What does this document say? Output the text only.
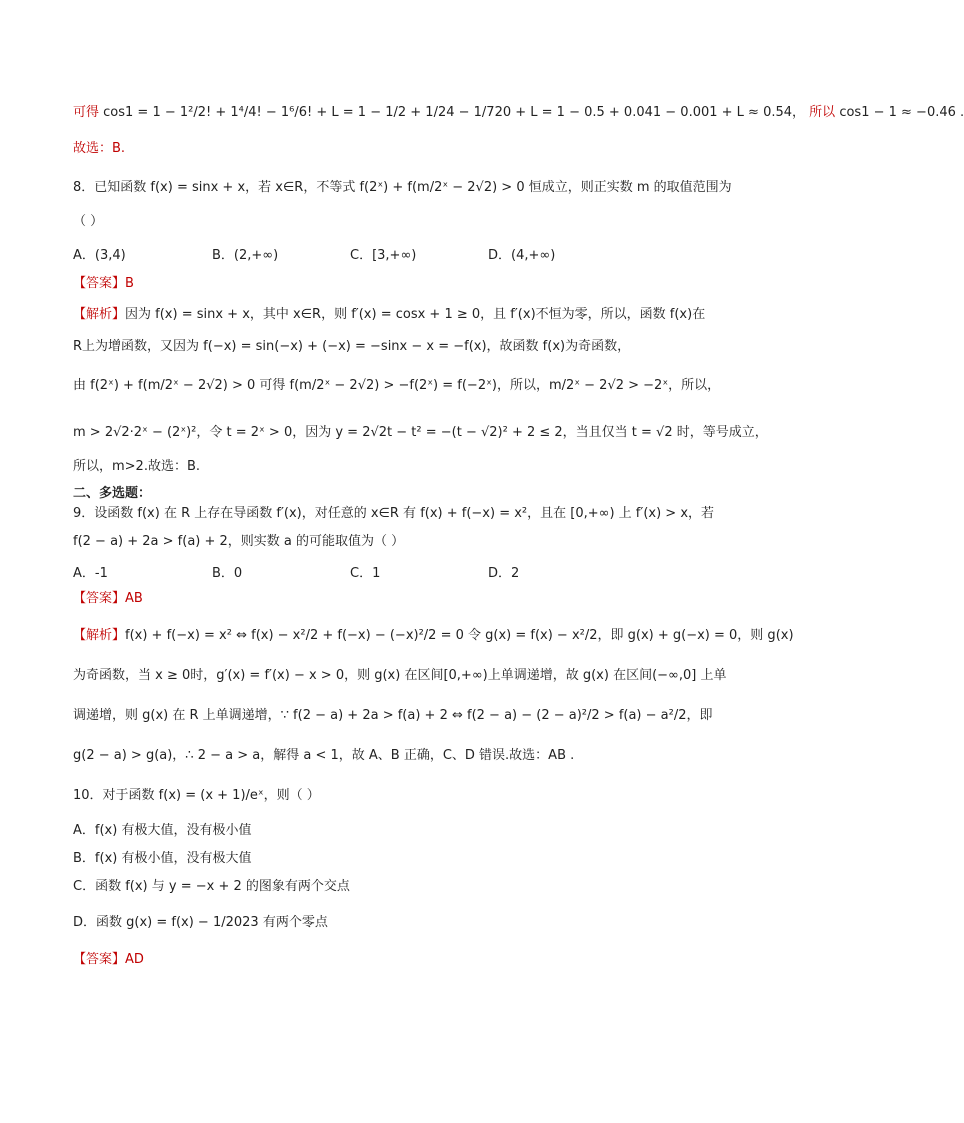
可得 cos1 = 1 − 1²/2! + 1⁴/4! − 1⁶/6! + L = 1 − 1/2 + 1/24 − 1/720 + L = 1 − 0.5 + 0.041 − 0.001 + L ≈ 0.54， 所以 cos1 − 1 ≈ −0.46 .
故选：B.
8．已知函数 f(x) = sinx + x，若 x∈R，不等式 f(2ˣ) + f(m/2ˣ − 2√2) > 0 恒成立，则正实数 m 的取值范围为
（ ）
A．(3,4)	B．(2,+∞)	C．[3,+∞)	D．(4,+∞)
【答案】B
【解析】因为 f(x) = sinx + x，其中 x∈R，则 f′(x) = cosx + 1 ≥ 0，且 f′(x)不恒为零，所以，函数 f(x)在
R上为增函数，又因为 f(−x) = sin(−x) + (−x) = −sinx − x = −f(x)，故函数 f(x)为奇函数，
由 f(2ˣ) + f(m/2ˣ − 2√2) > 0 可得 f(m/2ˣ − 2√2) > −f(2ˣ) = f(−2ˣ)，所以，m/2ˣ − 2√2 > −2ˣ，所以，
m > 2√2·2ˣ − (2ˣ)²，令 t = 2ˣ > 0，因为 y = 2√2t − t² = −(t − √2)² + 2 ≤ 2，当且仅当 t = √2 时，等号成立，
所以，m>2.故选：B.
二、多选题：
9．设函数 f(x) 在 R 上存在导函数 f′(x)，对任意的 x∈R 有 f(x) + f(−x) = x²，且在 [0,+∞) 上 f′(x) > x，若
f(2 − a) + 2a > f(a) + 2，则实数 a 的可能取值为（ ）
A．-1	B．0	C．1	D．2
【答案】AB
【解析】f(x) + f(−x) = x² ⇔ f(x) − x²/2 + f(−x) − (−x)²/2 = 0 令 g(x) = f(x) − x²/2，即 g(x) + g(−x) = 0，则 g(x)
为奇函数，当 x ≥ 0时，g′(x) = f′(x) − x > 0，则 g(x) 在区间[0,+∞)上单调递增，故 g(x) 在区间(−∞,0] 上单
调递增，则 g(x) 在 R 上单调递增，∵ f(2 − a) + 2a > f(a) + 2 ⇔ f(2 − a) − (2 − a)²/2 > f(a) − a²/2，即
g(2 − a) > g(a)，∴ 2 − a > a，解得 a < 1，故 A、B 正确，C、D 错误.故选：AB .
10．对于函数 f(x) = (x + 1)/eˣ，则（ ）
A．f(x) 有极大值，没有极小值
B．f(x) 有极小值，没有极大值
C．函数 f(x) 与 y = −x + 2 的图象有两个交点
D．函数 g(x) = f(x) − 1/2023 有两个零点
【答案】AD
